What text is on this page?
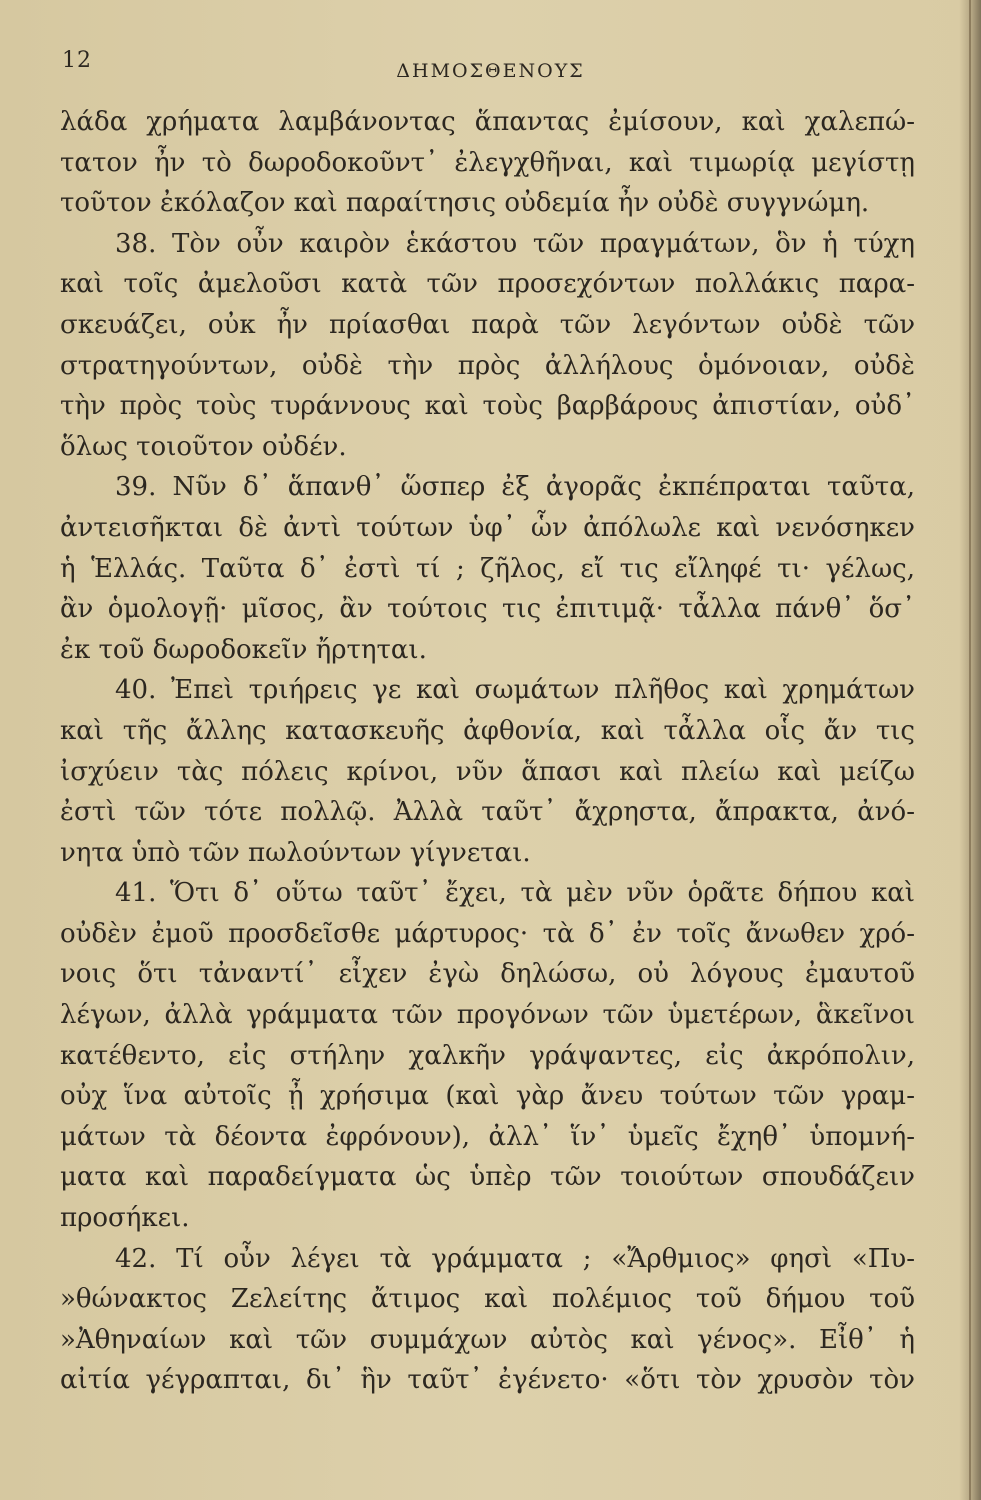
12	ΔΗΜΟΣΘΕΝΟΥΣ
λάδα χρήματα λαμβάνοντας ἅπαντας ἐμίσουν, καὶ χαλεπώ-
τατον ἦν τὸ δωροδοκοῦντ᾽ ἐλεγχθῆναι, καὶ τιμωρίᾳ μεγίστῃ
τοῦτον ἐκόλαζον καὶ παραίτησις οὐδεμία ἦν οὐδὲ συγγνώμη.
38. Τὸν οὖν καιρὸν ἑκάστου τῶν πραγμάτων, ὃν ἡ τύχη
καὶ τοῖς ἀμελοῦσι κατὰ τῶν προσεχόντων πολλάκις παρα-
σκευάζει, οὐκ ἦν πρίασθαι παρὰ τῶν λεγόντων οὐδὲ τῶν
στρατηγούντων, οὐδὲ τὴν πρὸς ἀλλήλους ὁμόνοιαν, οὐδὲ
τὴν πρὸς τοὺς τυράννους καὶ τοὺς βαρβάρους ἀπιστίαν, οὐδ᾽
ὅλως τοιοῦτον οὐδέν.
39. Νῦν δ᾽ ἅπανθ᾽ ὥσπερ ἐξ ἀγορᾶς ἐκπέπραται ταῦτα,
ἀντεισῆκται δὲ ἀντὶ τούτων ὑφ᾽ ὧν ἀπόλωλε καὶ νενόσηκεν
ἡ Ἑλλάς. Ταῦτα δ᾽ ἐστὶ τί ; ζῆλος, εἴ τις εἴληφέ τι· γέλως,
ἂν ὁμολογῇ· μῖσος, ἂν τούτοις τις ἐπιτιμᾷ· τἆλλα πάνθ᾽ ὅσ᾽
ἐκ τοῦ δωροδοκεῖν ἤρτηται.
40. Ἐπεὶ τριήρεις γε καὶ σωμάτων πλῆθος καὶ χρημάτων
καὶ τῆς ἄλλης κατασκευῆς ἀφθονία, καὶ τἆλλα οἷς ἄν τις
ἰσχύειν τὰς πόλεις κρίνοι, νῦν ἅπασι καὶ πλείω καὶ μείζω
ἐστὶ τῶν τότε πολλῷ. Ἀλλὰ ταῦτ᾽ ἄχρηστα, ἄπρακτα, ἀνό-
νητα ὑπὸ τῶν πωλούντων γίγνεται.
41. Ὅτι δ᾽ οὕτω ταῦτ᾽ ἔχει, τὰ μὲν νῦν ὁρᾶτε δήπου καὶ
οὐδὲν ἐμοῦ προσδεῖσθε μάρτυρος· τὰ δ᾽ ἐν τοῖς ἄνωθεν χρό-
νοις ὅτι τἀναντί᾽ εἶχεν ἐγὼ δηλώσω, οὐ λόγους ἐμαυτοῦ
λέγων, ἀλλὰ γράμματα τῶν προγόνων τῶν ὑμετέρων, ἃκεῖνοι
κατέθεντο, εἰς στήλην χαλκῆν γράψαντες, εἰς ἀκρόπολιν,
οὐχ ἵνα αὐτοῖς ᾖ χρήσιμα (καὶ γὰρ ἄνευ τούτων τῶν γραμ-
μάτων τὰ δέοντα ἐφρόνουν), ἀλλ᾽ ἵν᾽ ὑμεῖς ἔχηθ᾽ ὑπομνή-
ματα καὶ παραδείγματα ὡς ὑπὲρ τῶν τοιούτων σπουδάζειν
προσήκει.
42. Τί οὖν λέγει τὰ γράμματα ; «Ἄρθμιος» φησὶ «Πυ-
»θώνακτος Ζελείτης ἄτιμος καὶ πολέμιος τοῦ δήμου τοῦ
»Ἀθηναίων καὶ τῶν συμμάχων αὐτὸς καὶ γένος». Εἶθ᾽ ἡ
αἰτία γέγραπται, δι᾽ ἣν ταῦτ᾽ ἐγένετο· «ὅτι τὸν χρυσὸν τὸν
